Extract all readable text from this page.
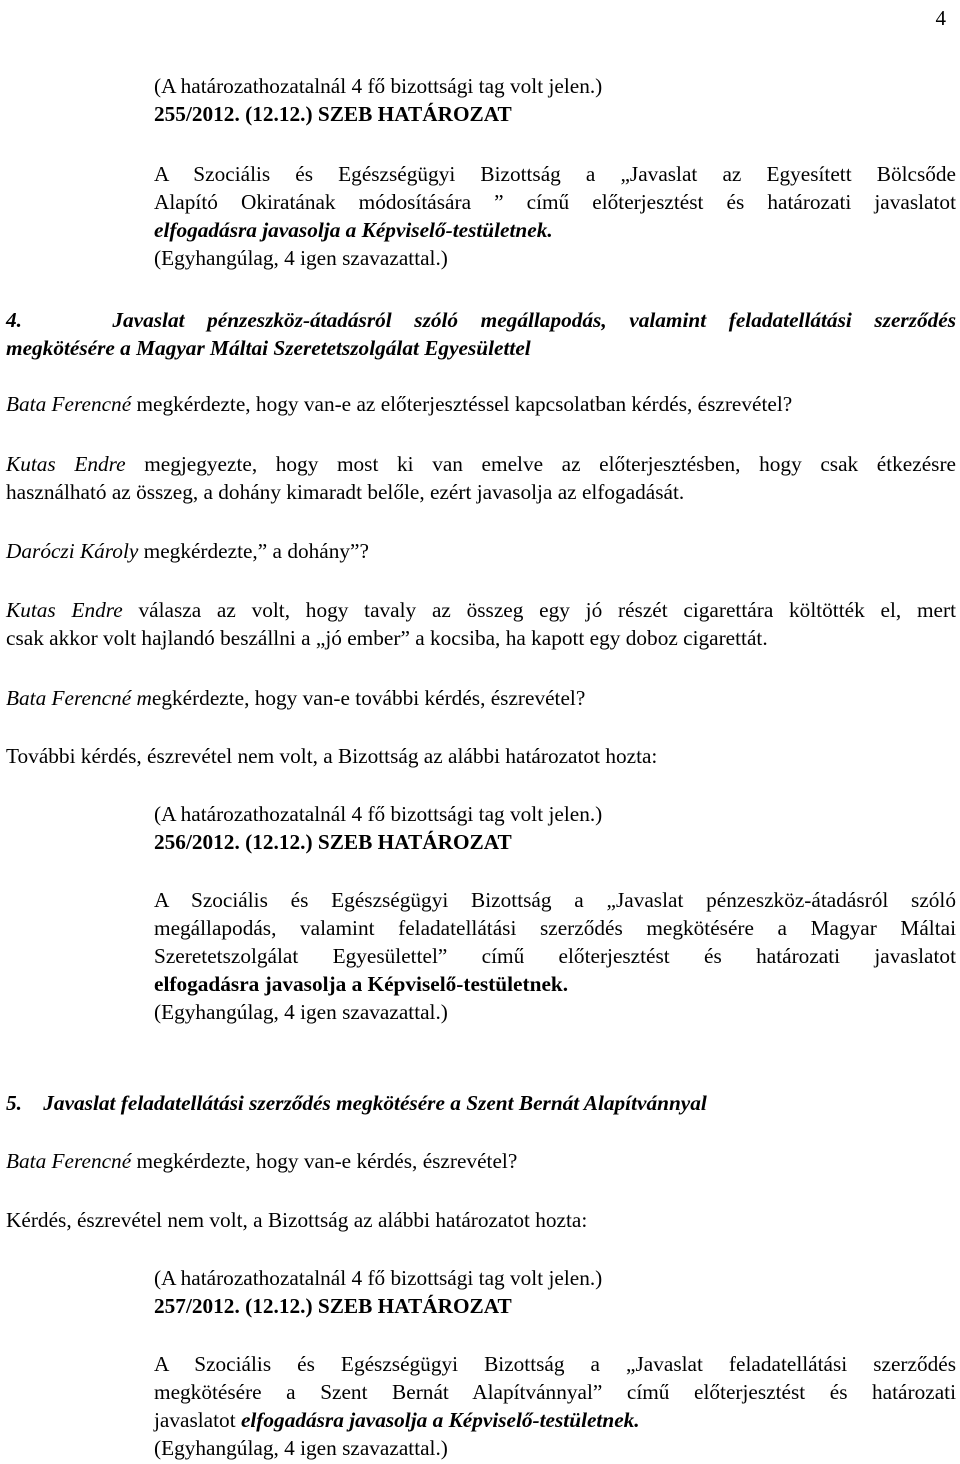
4
(A határozathozatalnál 4 fő bizottsági tag volt jelen.)
255/2012. (12.12.) SZEB HATÁROZAT
A Szociális és Egészségügyi Bizottság a „Javaslat az Egyesített Bölcsőde
Alapító Okiratának módosítására ” című előterjesztést és határozati javaslatot
elfogadásra javasolja a Képviselő-testületnek.
(Egyhangúlag, 4 igen szavazattal.)
4.	Javaslat pénzeszköz-átadásról szóló megállapodás, valamint feladatellátási szerződés
megkötésére a Magyar Máltai Szeretetszolgálat Egyesülettel
Bata Ferencné megkérdezte, hogy van-e az előterjesztéssel kapcsolatban kérdés, észrevétel?
Kutas Endre megjegyezte, hogy most ki van emelve az előterjesztésben, hogy csak étkezésre
használható az összeg, a dohány kimaradt belőle, ezért javasolja az elfogadását.
Daróczi Károly megkérdezte,” a dohány”?
Kutas Endre válasza az volt, hogy tavaly az összeg egy jó részét cigarettára költötték el, mert
csak akkor volt hajlandó beszállni a „jó ember” a kocsiba, ha kapott egy doboz cigarettát.
Bata Ferencné megkérdezte, hogy van-e további kérdés, észrevétel?
További kérdés, észrevétel nem volt, a Bizottság az alábbi határozatot hozta:
(A határozathozatalnál 4 fő bizottsági tag volt jelen.)
256/2012. (12.12.) SZEB HATÁROZAT
A Szociális és Egészségügyi Bizottság a „Javaslat pénzeszköz-átadásról szóló
megállapodás, valamint feladatellátási szerződés megkötésére a Magyar Máltai
Szeretetszolgálat Egyesülettel” című előterjesztést és határozati javaslatot
elfogadásra javasolja a Képviselő-testületnek.
(Egyhangúlag, 4 igen szavazattal.)
5. Javaslat feladatellátási szerződés megkötésére a Szent Bernát Alapítvánnyal
Bata Ferencné megkérdezte, hogy van-e kérdés, észrevétel?
Kérdés, észrevétel nem volt, a Bizottság az alábbi határozatot hozta:
(A határozathozatalnál 4 fő bizottsági tag volt jelen.)
257/2012. (12.12.) SZEB HATÁROZAT
A Szociális és Egészségügyi Bizottság a „Javaslat feladatellátási szerződés
megkötésére a Szent Bernát Alapítvánnyal” című előterjesztést és határozati
javaslatot elfogadásra javasolja a Képviselő-testületnek.
(Egyhangúlag, 4 igen szavazattal.)
